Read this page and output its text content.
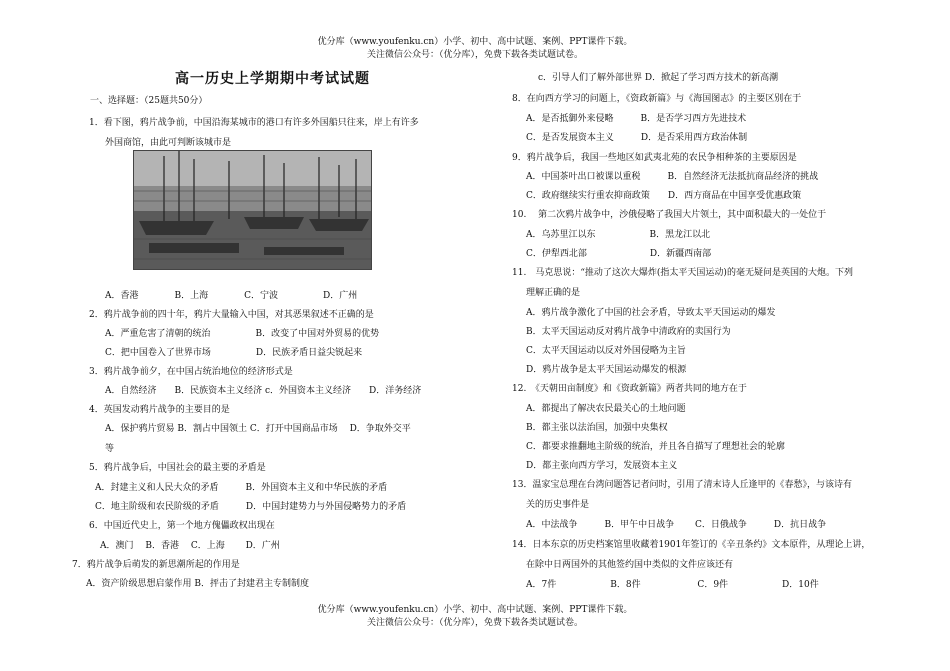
优分库（www.youfenku.cn）小学、初中、高中试题、案例、PPT课件下载。
关注微信公众号：（优分库），免费下载各类试题试卷。
高一历史上学期期中考试试题
一、选择题：（25题共50分）
1．看下图，鸦片战争前，中国沿海某城市的港口有许多外国船只往来，岸上有许多
外国商馆，由此可判断该城市是
A．香港　　　　B．上海　　　　C．宁波　　　　　D．广州
2．鸦片战争前的四十年，鸦片大量输入中国，对其恶果叙述不正确的是
A．严重危害了清朝的统治　　　　　B．改变了中国对外贸易的优势
C．把中国卷入了世界市场　　　　　D．民族矛盾日益尖锐起来
3．鸦片战争前夕，在中国占统治地位的经济形式是
A．自然经济　　B．民族资本主义经济 c．外国资本主义经济　　D．洋务经济
4．英国发动鸦片战争的主要目的是
A．保护鸦片贸易 B．割占中国领土 C．打开中国商品市场　 D．争取外交平
等
5．鸦片战争后，中国社会的最主要的矛盾是
A．封建主义和人民大众的矛盾　　　B．外国资本主义和中华民族的矛盾
C．地主阶级和农民阶级的矛盾　　　D．中国封建势力与外国侵略势力的矛盾
6．中国近代史上，第一个地方傀儡政权出现在
A．澳门　 B．香港　 C．上海　　 D．广州
7．鸦片战争后萌发的新思潮所起的作用是
A．资产阶级思想启蒙作用 B．抨击了封建君主专制制度
c．引导人们了解外部世界 D．掀起了学习西方技术的新高潮
8．在向西方学习的问题上，《资政新篇》与《海国图志》的主要区别在于
A．是否抵御外来侵略　　　B．是否学习西方先进技术
C．是否发展资本主义　　　D．是否采用西方政治体制
9．鸦片战争后，我国一些地区如武夷北苑的农民争相种茶的主要原因是
A．中国茶叶出口被课以重税　　　B．自然经济无法抵抗商品经济的挑战
C．政府继续实行重农抑商政策　　D．西方商品在中国享受优惠政策
10.　 第二次鸦片战争中，沙俄侵略了我国大片领土，其中面积最大的一处位于
A．乌苏里江以东　　　　　　B．黑龙江以北
C．伊犁西北部　　　　　　　D．新疆西南部
11.　马克思说：“推动了这次大爆炸(指太平天国运动)的毫无疑问是英国的大炮。下列
理解正确的是
A．鸦片战争激化了中国的社会矛盾，导致太平天国运动的爆发
B．太平天国运动反对鸦片战争中清政府的卖国行为
C．太平天国运动以反对外国侵略为主旨
D．鸦片战争是太平天国运动爆发的根源
12.　《天朝田亩制度》和《资政新篇》两者共同的地方在于
A．都提出了解决农民最关心的土地问题
B．都主张以法治国，加强中央集权
C．都要求推翻地主阶级的统治，并且各自描写了理想社会的轮廓
D．都主张向西方学习，发展资本主义
13．温家宝总理在台湾问题答记者问时，引用了清末诗人丘逢甲的《春愁》，与该诗有
关的历史事件是
A．中法战争　　　B．甲午中日战争　　 C．日俄战争　　　D．抗日战争
14．日本东京的历史档案馆里收藏着1901年签订的《辛丑条约》文本原件，从理论上讲，
在除中日两国外的其他签约国中类似的文件应该还有
A．7件　　　　　　B．8件　　　　　　 C．9件　　　　　　D．10件
优分库（www.youfenku.cn）小学、初中、高中试题、案例、PPT课件下载。
关注微信公众号：（优分库），免费下载各类试题试卷。
